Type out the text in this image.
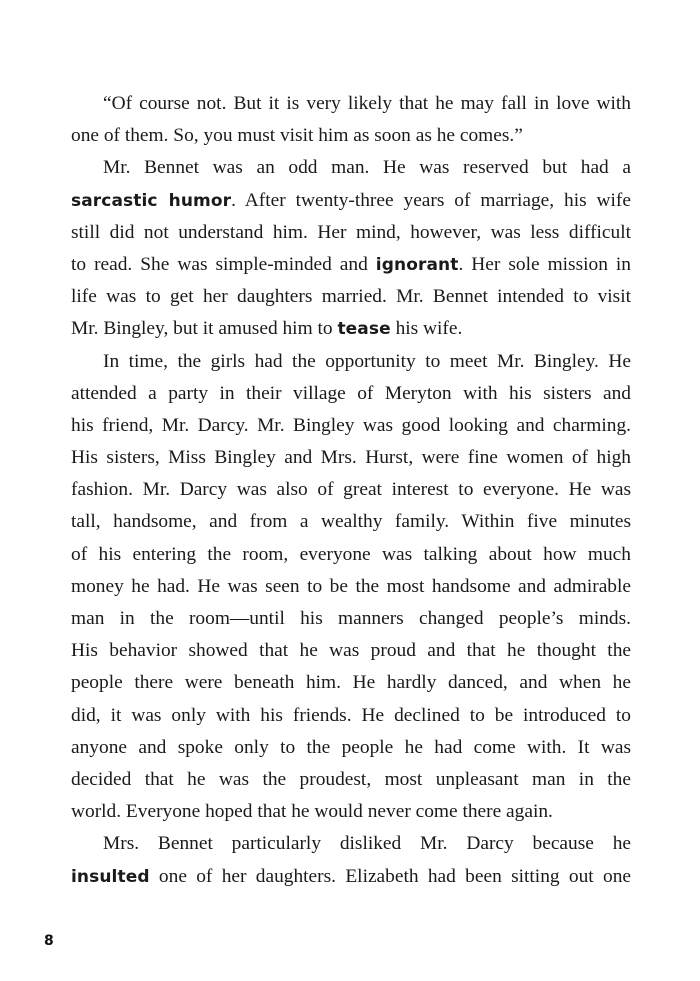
“Of course not. But it is very likely that he may fall in love with
one of them. So, you must visit him as soon as he comes.”
Mr. Bennet was an odd man. He was reserved but had a
sarcastic humor. After twenty-three years of marriage, his wife
still did not understand him. Her mind, however, was less difficult
to read. She was simple-minded and ignorant. Her sole mission in
life was to get her daughters married. Mr. Bennet intended to visit
Mr. Bingley, but it amused him to tease his wife.
In time, the girls had the opportunity to meet Mr. Bingley. He
attended a party in their village of Meryton with his sisters and
his friend, Mr. Darcy. Mr. Bingley was good looking and charming.
His sisters, Miss Bingley and Mrs. Hurst, were fine women of high
fashion. Mr. Darcy was also of great interest to everyone. He was
tall, handsome, and from a wealthy family. Within five minutes
of his entering the room, everyone was talking about how much
money he had. He was seen to be the most handsome and admirable
man in the room—until his manners changed people’s minds.
His behavior showed that he was proud and that he thought the
people there were beneath him. He hardly danced, and when he
did, it was only with his friends. He declined to be introduced to
anyone and spoke only to the people he had come with. It was
decided that he was the proudest, most unpleasant man in the
world. Everyone hoped that he would never come there again.
Mrs. Bennet particularly disliked Mr. Darcy because he
insulted one of her daughters. Elizabeth had been sitting out one
8
